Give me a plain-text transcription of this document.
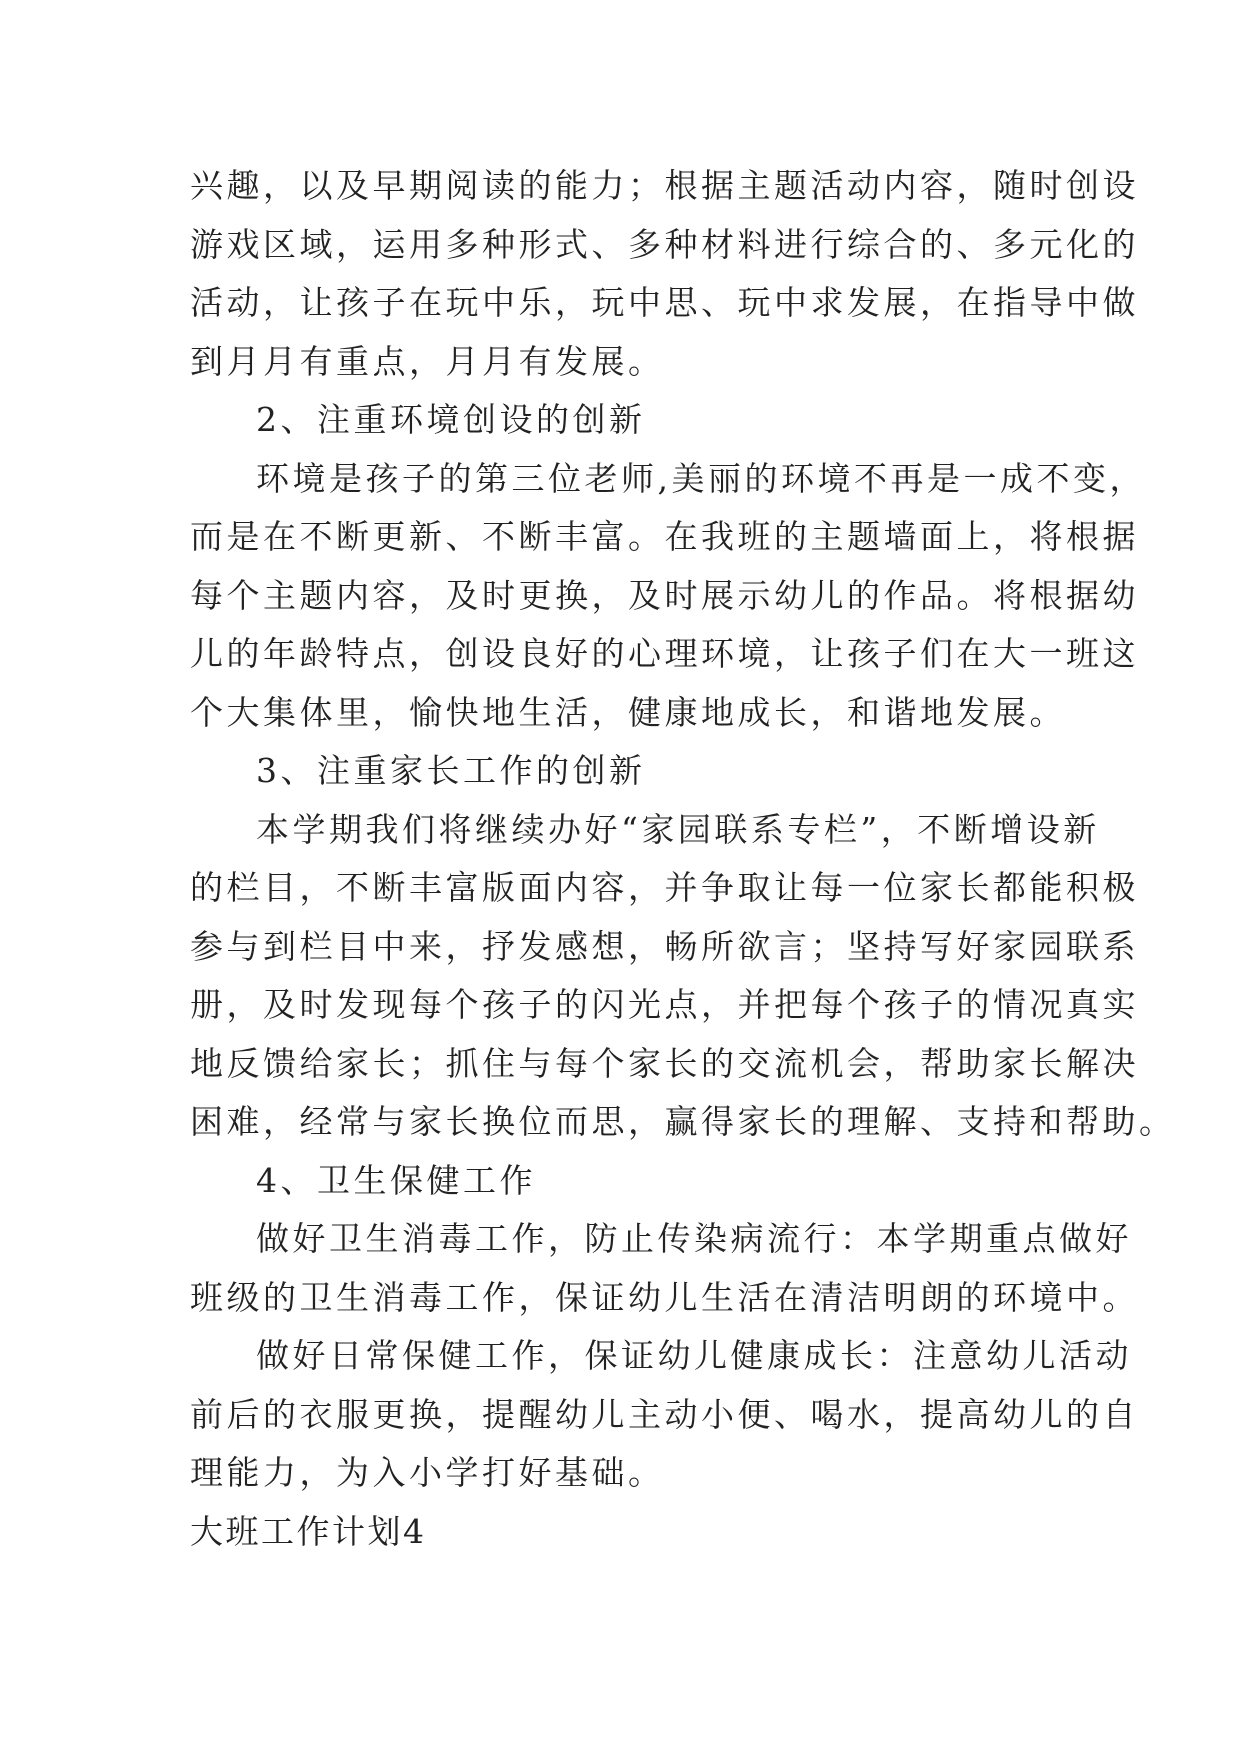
兴趣，以及早期阅读的能力；根据主题活动内容，随时创设
游戏区域，运用多种形式、多种材料进行综合的、多元化的
活动，让孩子在玩中乐，玩中思、玩中求发展，在指导中做
到月月有重点，月月有发展。
2、注重环境创设的创新
环境是孩子的第三位老师,美丽的环境不再是一成不变，
而是在不断更新、不断丰富。在我班的主题墙面上，将根据
每个主题内容，及时更换，及时展示幼儿的作品。将根据幼
儿的年龄特点，创设良好的心理环境，让孩子们在大一班这
个大集体里，愉快地生活，健康地成长，和谐地发展。
3、注重家长工作的创新
本学期我们将继续办好“家园联系专栏”，不断增设新
的栏目，不断丰富版面内容，并争取让每一位家长都能积极
参与到栏目中来，抒发感想，畅所欲言；坚持写好家园联系
册，及时发现每个孩子的闪光点，并把每个孩子的情况真实
地反馈给家长；抓住与每个家长的交流机会，帮助家长解决
困难，经常与家长换位而思，赢得家长的理解、支持和帮助。
4、卫生保健工作
做好卫生消毒工作，防止传染病流行：本学期重点做好
班级的卫生消毒工作，保证幼儿生活在清洁明朗的环境中。
做好日常保健工作，保证幼儿健康成长：注意幼儿活动
前后的衣服更换，提醒幼儿主动小便、喝水，提高幼儿的自
理能力，为入小学打好基础。
大班工作计划4
